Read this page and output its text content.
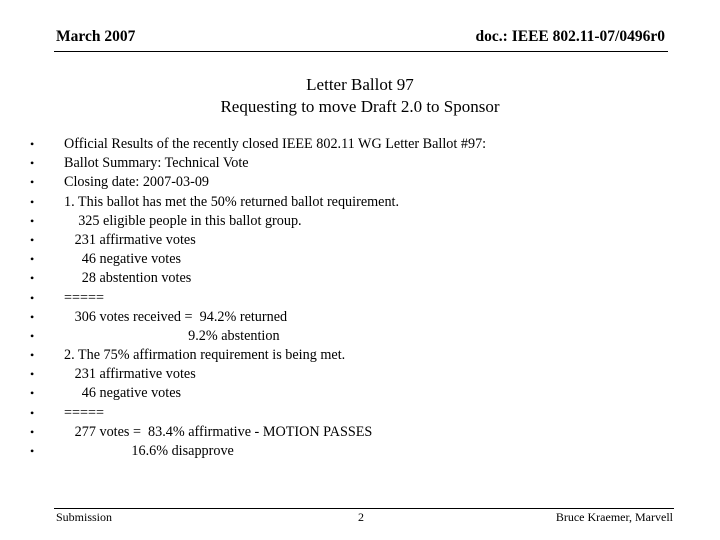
March 2007	doc.: IEEE 802.11-07/0496r0
Letter Ballot 97
Requesting to move Draft 2.0 to Sponsor
• Official Results of the recently closed IEEE 802.11 WG Letter Ballot #97:
• Ballot Summary: Technical Vote
• Closing date: 2007-03-09
• 1. This ballot has met the 50% returned ballot requirement.
• 325 eligible people in this ballot group.
• 231 affirmative votes
• 46 negative votes
• 28 abstention votes
• =====
• 306 votes received =  94.2% returned
• 9.2% abstention
• 2. The 75% affirmation requirement is being met.
• 231 affirmative votes
• 46 negative votes
• =====
• 277 votes =  83.4% affirmative - MOTION PASSES
• 16.6% disapprove
Submission	2	Bruce Kraemer, Marvell
